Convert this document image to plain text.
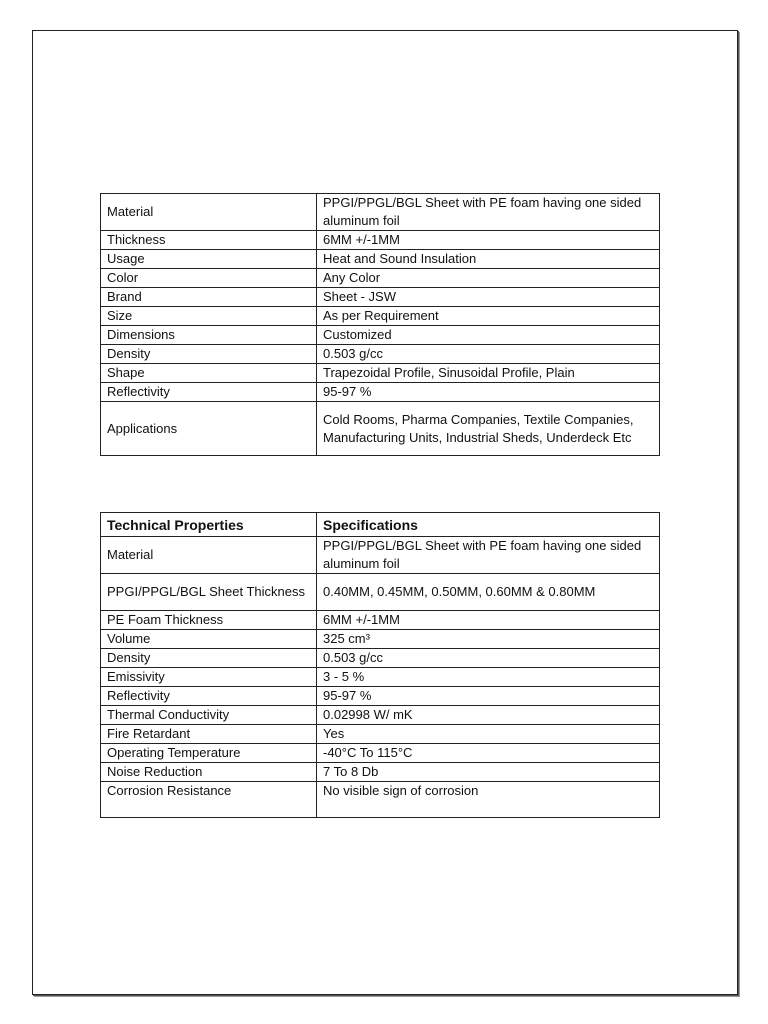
Material	PPGI/PPGL/BGL Sheet with PE foam having one sided aluminum foil
Thickness	6MM +/-1MM
Usage	Heat and Sound Insulation
Color	Any Color
Brand	Sheet - JSW
Size	As per Requirement
Dimensions	Customized
Density	0.503 g/cc
Shape	Trapezoidal Profile, Sinusoidal Profile, Plain
Reflectivity	95-97 %
Applications	Cold Rooms, Pharma Companies, Textile Companies, Manufacturing Units, Industrial Sheds, Underdeck Etc
Technical Properties	Specifications
Material	PPGI/PPGL/BGL Sheet with PE foam having one sided aluminum foil
PPGI/PPGL/BGL Sheet Thickness	0.40MM, 0.45MM, 0.50MM, 0.60MM & 0.80MM
PE Foam Thickness	6MM +/-1MM
Volume	325 cm³
Density	0.503 g/cc
Emissivity	3 - 5 %
Reflectivity	95-97 %
Thermal Conductivity	0.02998 W/ mK
Fire Retardant	Yes
Operating Temperature	-40°C To 115°C
Noise Reduction	7 To 8 Db
Corrosion Resistance	No visible sign of corrosion
